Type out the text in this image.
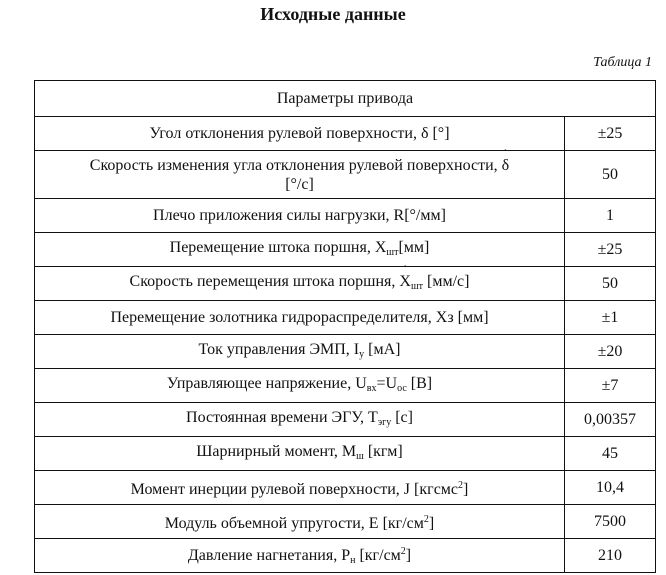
Исходные данные
Таблица 1
Параметры привода	
Угол отклонения рулевой поверхности, δ [°]	±25
Скорость изменения угла отклонения рулевой поверхности, ˙ δ
[°/с]	50
Плечо приложения силы нагрузки, R[°/мм]	1
Перемещение штока поршня, $X_{шт}[мм]$	±25
Скорость перемещения штока поршня, ˙ $X_{шт}$ [мм/с]	50
Перемещение золотника гидрораспределителя, Xз [мм]	±1
Ток управления ЭМП, $I_у$ [мА]	±20
Управляющее напряжение, $U_{вх}=U_{ос}$ [В]	±7
Постоянная времени ЭГУ, $T_{эгу}$ [с]	0,00357
Шарнирный момент, $M_ш$ [кгм]	45
Момент инерции рулевой поверхности, J [кгсмс$^2$]	10,4
Модуль объемной упругости, E $[кг/см^2]$	7500
Давление нагнетания, $P_н$ $[кг/см^2]$	210
